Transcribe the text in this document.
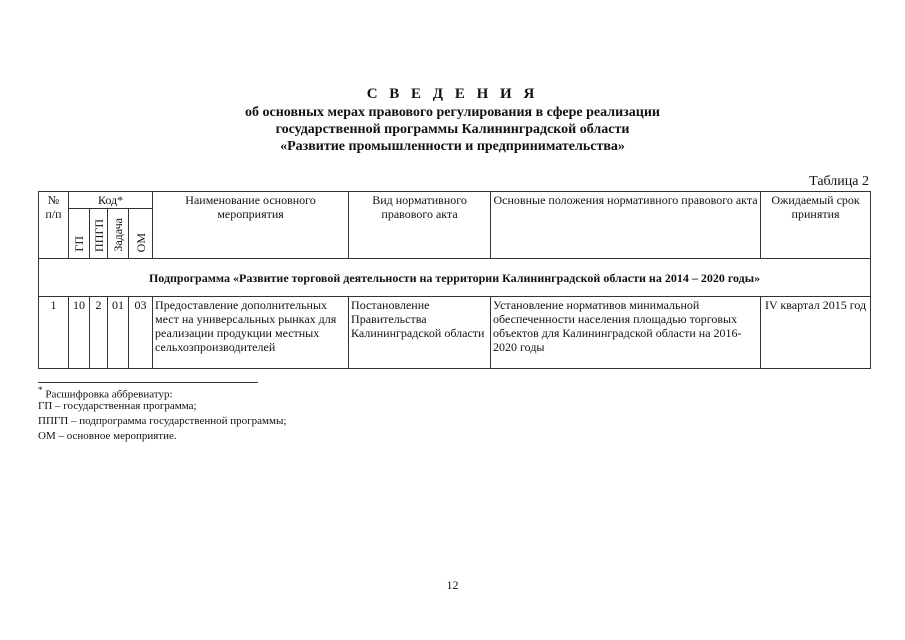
С В Е Д Е Н И Я
об основных мерах правового регулирования в сфере реализации
государственной программы Калининградской области
«Развитие промышленности и предпринимательства»
Таблица 2
№
п/п	Код*				Наименование основного мероприятия	Вид нормативного правового акта	Основные положения нормативного правового акта	Ожидаемый срок принятия
	ГП	ППГП	Задача	ОМ				
Подпрограмма «Развитие торговой деятельности на территории Калининградской области на 2014 – 2020 годы»								
1	10	2	01	03	Предоставление дополнительных мест на универсальных рынках для реализации продукции местных сельхозпроизводителей	Постановление Правительства Калининградской области	Установление нормативов минимальной обеспеченности населения площадью торговых объектов для Калининградской области на 2016-2020 годы	IV квартал 2015 год
* Расшифровка аббревиатур:
ГП – государственная программа;
ППГП – подпрограмма государственной программы;
ОМ – основное мероприятие.
12
